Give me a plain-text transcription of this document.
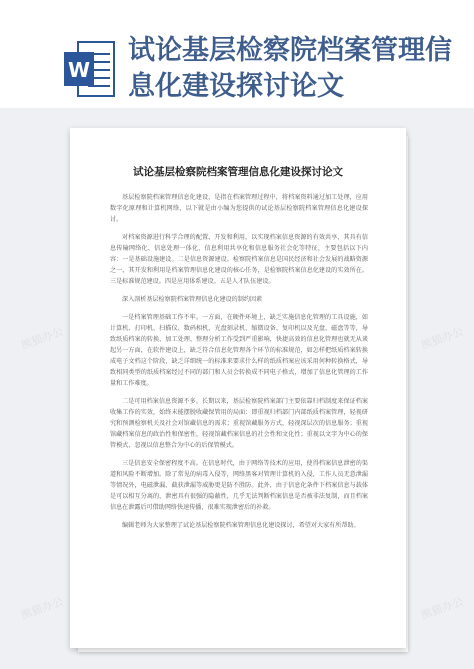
W
试论基层检察院档案管理信息化建设探讨论文
熊猫办公	熊猫办公
熊猫办公	熊猫办公
试论基层检察院档案管理信息化建设探讨论文

基层检察院档案管理信息化建设，是指在档案管理过程中，将档案资料通过加工处理，应用数字化原理和计算机网络，以下就是由小编为您提供的试论基层检察院档案管理信息化建设探讨。

对档案资源进行科学合理的配置、开发和利用，以实现档案信息资源的有效共享，其具有信息传输网络化、信息处理一体化、信息利用共享化和信息服务社会化等特征，主要包括以下内容：一是基础设施建设。二是信息资源建设。检察院档案信息是国民经济和社会发展的战略资源之一，其开发和利用是档案管理信息化建设的核心任务，是检察院档案信息化建设的实效所在。三是标准规范建设。四是应用体系建设。五是人才队伍建设。

深入剖析基层检察院档案管理信息化建设的制约因素

一是档案管理基础工作不牢。一方面，在硬件环境上，缺乏实施信息化管理的工具设施，如计算机、打印机、扫描仪、数码相机、光盘刻录机、缩微设备、复印机以及光盘、磁盘等等，导致纸质档案的转换、加工处理、整理分析工作受到严重影响，快捷高效的信息化管理也就无从谈起另一方面，在软件建设上，缺乏符合信息化管理各个环节的标准规范，如怎样把纸质档案转换成电子文档这个阶段，缺乏详细统一的标准来要求什么样的纸质档案应该采用何种转换格式，导致相同类型的纸质档案经过不同的部门和人员会转换成不同电子格式，增加了信息化管理的工作量和工作难度。

二是可用档案信息资源不多。长期以来，基层检察院档案部门主要依靠归档制度来保证档案收集工作的实效，始终未能摆脱收藏保管用的局面：即重视归档部门内部纸质档案管理，轻视研究和预测检察机关及社会对馆藏信息的需求；重视馆藏服务方式，轻视深层次的信息服务；重视馆藏档案信息的政治性和保密性，轻视馆藏档案信息的社会性和文化性；重视以文字为中心的保管模式，忽视以信息整合为中心的后保管模式。

三是信息安全保密程度不高。在信息时代，由于网络等技术的应用，使得档案信息泄密的渠道和风险不断增加。除了常见的病毒入侵等，网络黑客对管理计算机的入侵，工作人员无意泄漏等情况外，电磁泄漏、截获泄漏等威胁更是防不胜防。此外，由于信息化条件下档案信息与载体是可以相互分离的，泄密具有很强的隐蔽性，几乎无法判断档案信息是否被非法复制，而且档案信息在泄露后可借助网络快速传播，很难实现泄密后的补救。

编辑老师为大家整理了试论基层检察院档案管理信息化建设探讨，希望对大家有所帮助。
